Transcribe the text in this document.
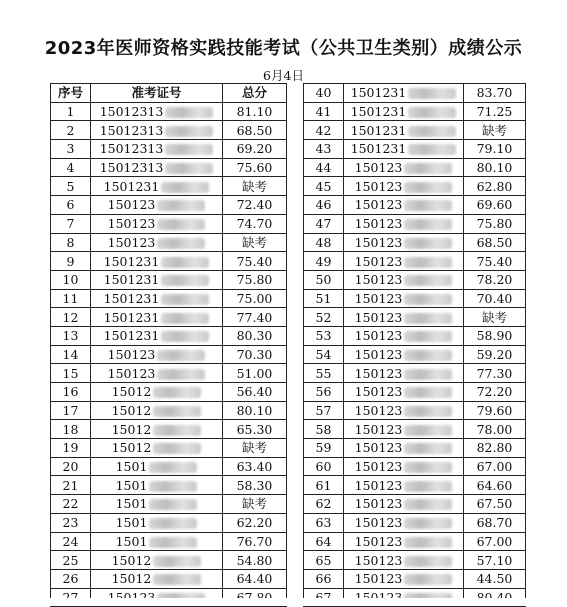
2023年医师资格实践技能考试（公共卫生类别）成绩公示
6月4日
序号	准考证号	总分
1	15012313	81.10
2	15012313	68.50
3	15012313	69.20
4	15012313	75.60
5	1501231	缺考
6	150123	72.40
7	150123	74.70
8	150123	缺考
9	1501231	75.40
10	1501231	75.80
11	1501231	75.00
12	1501231	77.40
13	1501231	80.30
14	150123	70.30
15	150123	51.00
16	15012	56.40
17	15012	80.10
18	15012	65.30
19	15012	缺考
20	1501	63.40
21	1501	58.30
22	1501	缺考
23	1501	62.20
24	1501	76.70
25	15012	54.80
26	15012	64.40

40	1501231	83.70
41	1501231	71.25
42	1501231	缺考
43	1501231	79.10
44	150123	80.10
45	150123	62.80
46	150123	69.60
47	150123	75.80
48	150123	68.50
49	150123	75.40
50	150123	78.20
51	150123	70.40
52	150123	缺考
53	150123	58.90
54	150123	59.20
55	150123	77.30
56	150123	72.20
57	150123	79.60
58	150123	78.00
59	150123	82.80
60	150123	67.00
61	150123	64.60
62	150123	67.50
63	150123	68.70
64	150123	67.00
65	150123	57.10
66	150123	44.50
